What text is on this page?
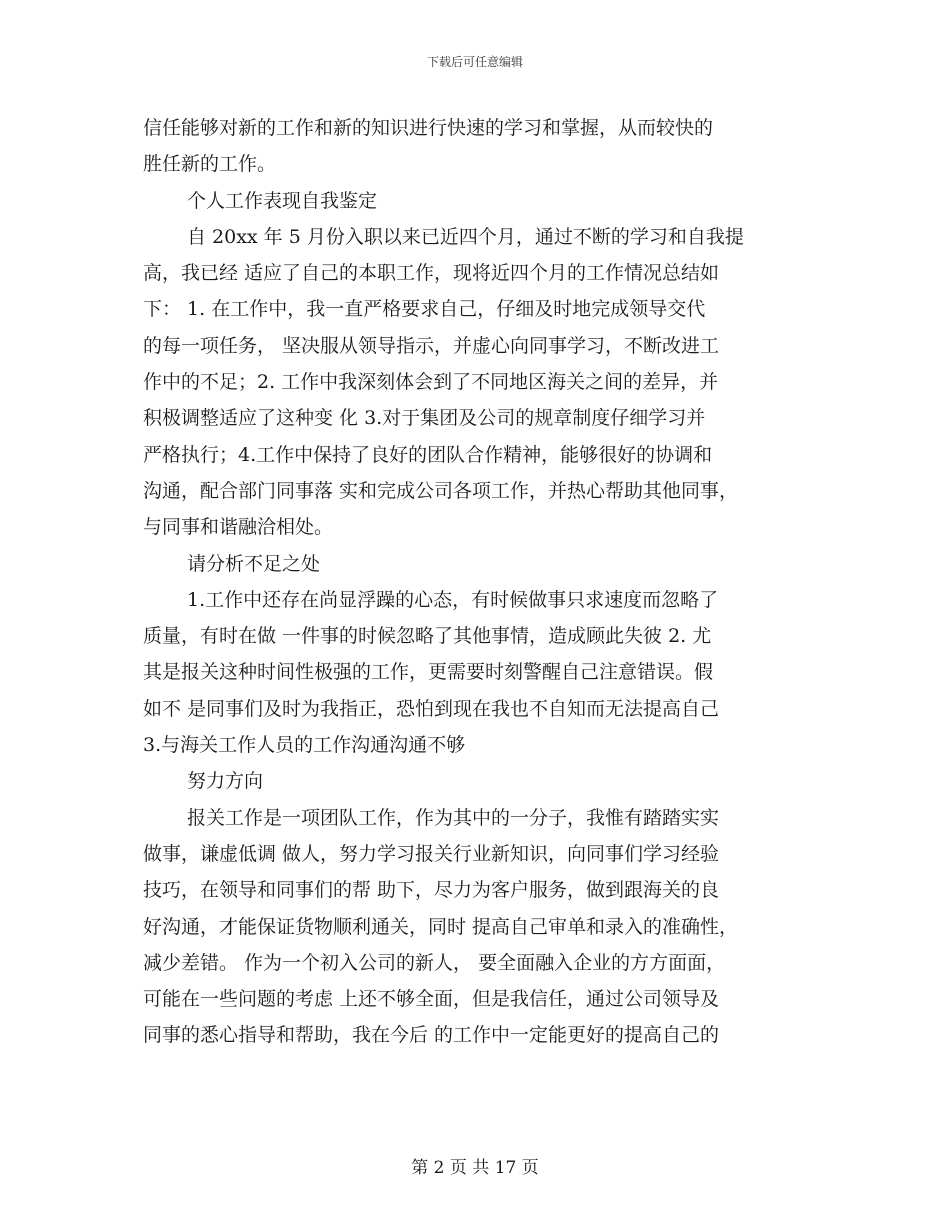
下载后可任意编辑
信任能够对新的工作和新的知识进行快速的学习和掌握，从而较快的
胜任新的工作。
个人工作表现自我鉴定
自 20xx 年 5 月份入职以来已近四个月，通过不断的学习和自我提
高，我已经 适应了自己的本职工作，现将近四个月的工作情况总结如
下： 1. 在工作中，我一直严格要求自己，仔细及时地完成领导交代
的每一项任务， 坚决服从领导指示，并虚心向同事学习，不断改进工
作中的不足；2. 工作中我深刻体会到了不同地区海关之间的差异，并
积极调整适应了这种变 化 3.对于集团及公司的规章制度仔细学习并
严格执行；4.工作中保持了良好的团队合作精神，能够很好的协调和
沟通，配合部门同事落 实和完成公司各项工作，并热心帮助其他同事，
与同事和谐融洽相处。
请分析不足之处
1.工作中还存在尚显浮躁的心态，有时候做事只求速度而忽略了
质量，有时在做 一件事的时候忽略了其他事情，造成顾此失彼 2. 尤
其是报关这种时间性极强的工作，更需要时刻警醒自己注意错误。假
如不 是同事们及时为我指正，恐怕到现在我也不自知而无法提高自己
3.与海关工作人员的工作沟通沟通不够
努力方向
报关工作是一项团队工作，作为其中的一分子，我惟有踏踏实实
做事，谦虚低调 做人，努力学习报关行业新知识，向同事们学习经验
技巧，在领导和同事们的帮 助下，尽力为客户服务，做到跟海关的良
好沟通，才能保证货物顺利通关，同时 提高自己审单和录入的准确性，
减少差错。 作为一个初入公司的新人， 要全面融入企业的方方面面，
可能在一些问题的考虑 上还不够全面，但是我信任，通过公司领导及
同事的悉心指导和帮助，我在今后 的工作中一定能更好的提高自己的
第 2 页 共 17 页
